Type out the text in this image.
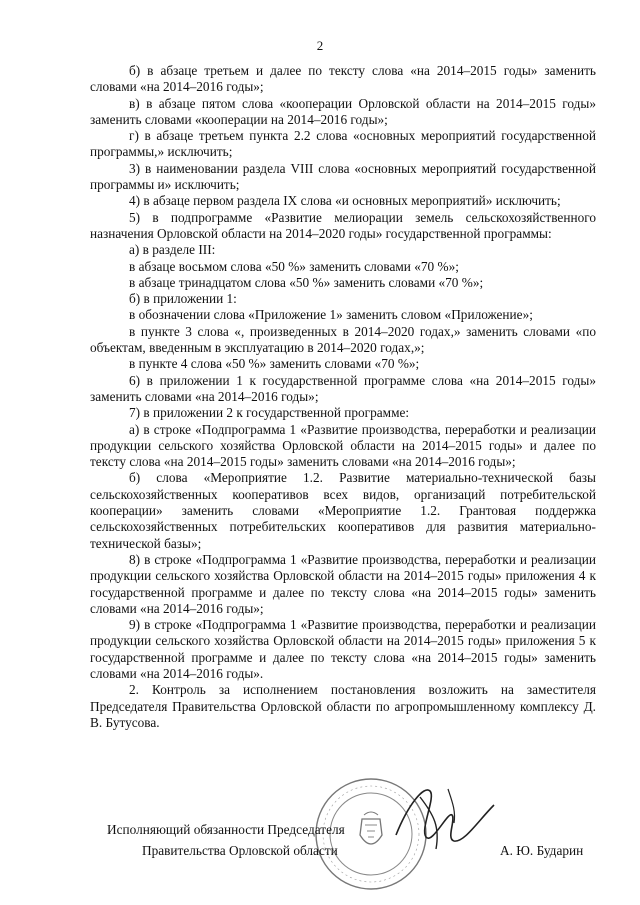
2

б) в абзаце третьем и далее по тексту слова «на 2014–2015 годы» заменить словами «на 2014–2016 годы»;

в) в абзаце пятом слова «кооперации Орловской области на 2014–2015 годы» заменить словами «кооперации на 2014–2016 годы»;

г) в абзаце третьем пункта 2.2 слова «основных мероприятий государственной программы,» исключить;

3) в наименовании раздела VIII слова «основных мероприятий государственной программы и» исключить;

4) в абзаце первом раздела IX слова «и основных мероприятий» исключить;

5) в подпрограмме «Развитие мелиорации земель сельскохозяйственного назначения Орловской области на 2014–2020 годы» государственной программы:

а) в разделе III:

в абзаце восьмом слова «50 %» заменить словами «70 %»;

в абзаце тринадцатом слова «50 %» заменить словами «70 %»;

б) в приложении 1:

в обозначении слова «Приложение 1» заменить словом «Приложение»;

в пункте 3 слова «, произведенных в 2014–2020 годах,» заменить словами «по объектам, введенным в эксплуатацию в 2014–2020 годах,»;

в пункте 4 слова «50 %» заменить словами «70 %»;

6) в приложении 1 к государственной программе слова «на 2014–2015 годы» заменить словами «на 2014–2016 годы»;

7) в приложении 2 к государственной программе:

а) в строке «Подпрограмма 1 «Развитие производства, переработки и реализации продукции сельского хозяйства Орловской области на 2014–2015 годы» и далее по тексту слова «на 2014–2015 годы» заменить словами «на 2014–2016 годы»;

б) слова «Мероприятие 1.2. Развитие материально-технической базы сельскохозяйственных кооперативов всех видов, организаций потребительской кооперации» заменить словами «Мероприятие 1.2. Грантовая поддержка сельскохозяйственных потребительских кооперативов для развития материально-технической базы»;

8) в строке «Подпрограмма 1 «Развитие производства, переработки и реализации продукции сельского хозяйства Орловской области на 2014–2015 годы» приложения 4 к государственной программе и далее по тексту слова «на 2014–2015 годы» заменить словами «на 2014–2016 годы»;

9) в строке «Подпрограмма 1 «Развитие производства, переработки и реализации продукции сельского хозяйства Орловской области на 2014–2015 годы» приложения 5 к государственной программе и далее по тексту слова «на 2014–2015 годы» заменить словами «на 2014–2016 годы».

2. Контроль за исполнением постановления возложить на заместителя Председателя Правительства Орловской области по агропромышленному комплексу Д. В. Бутусова.

Исполняющий обязанности Председателя
Правительства Орловской области	А. Ю. Бударин
